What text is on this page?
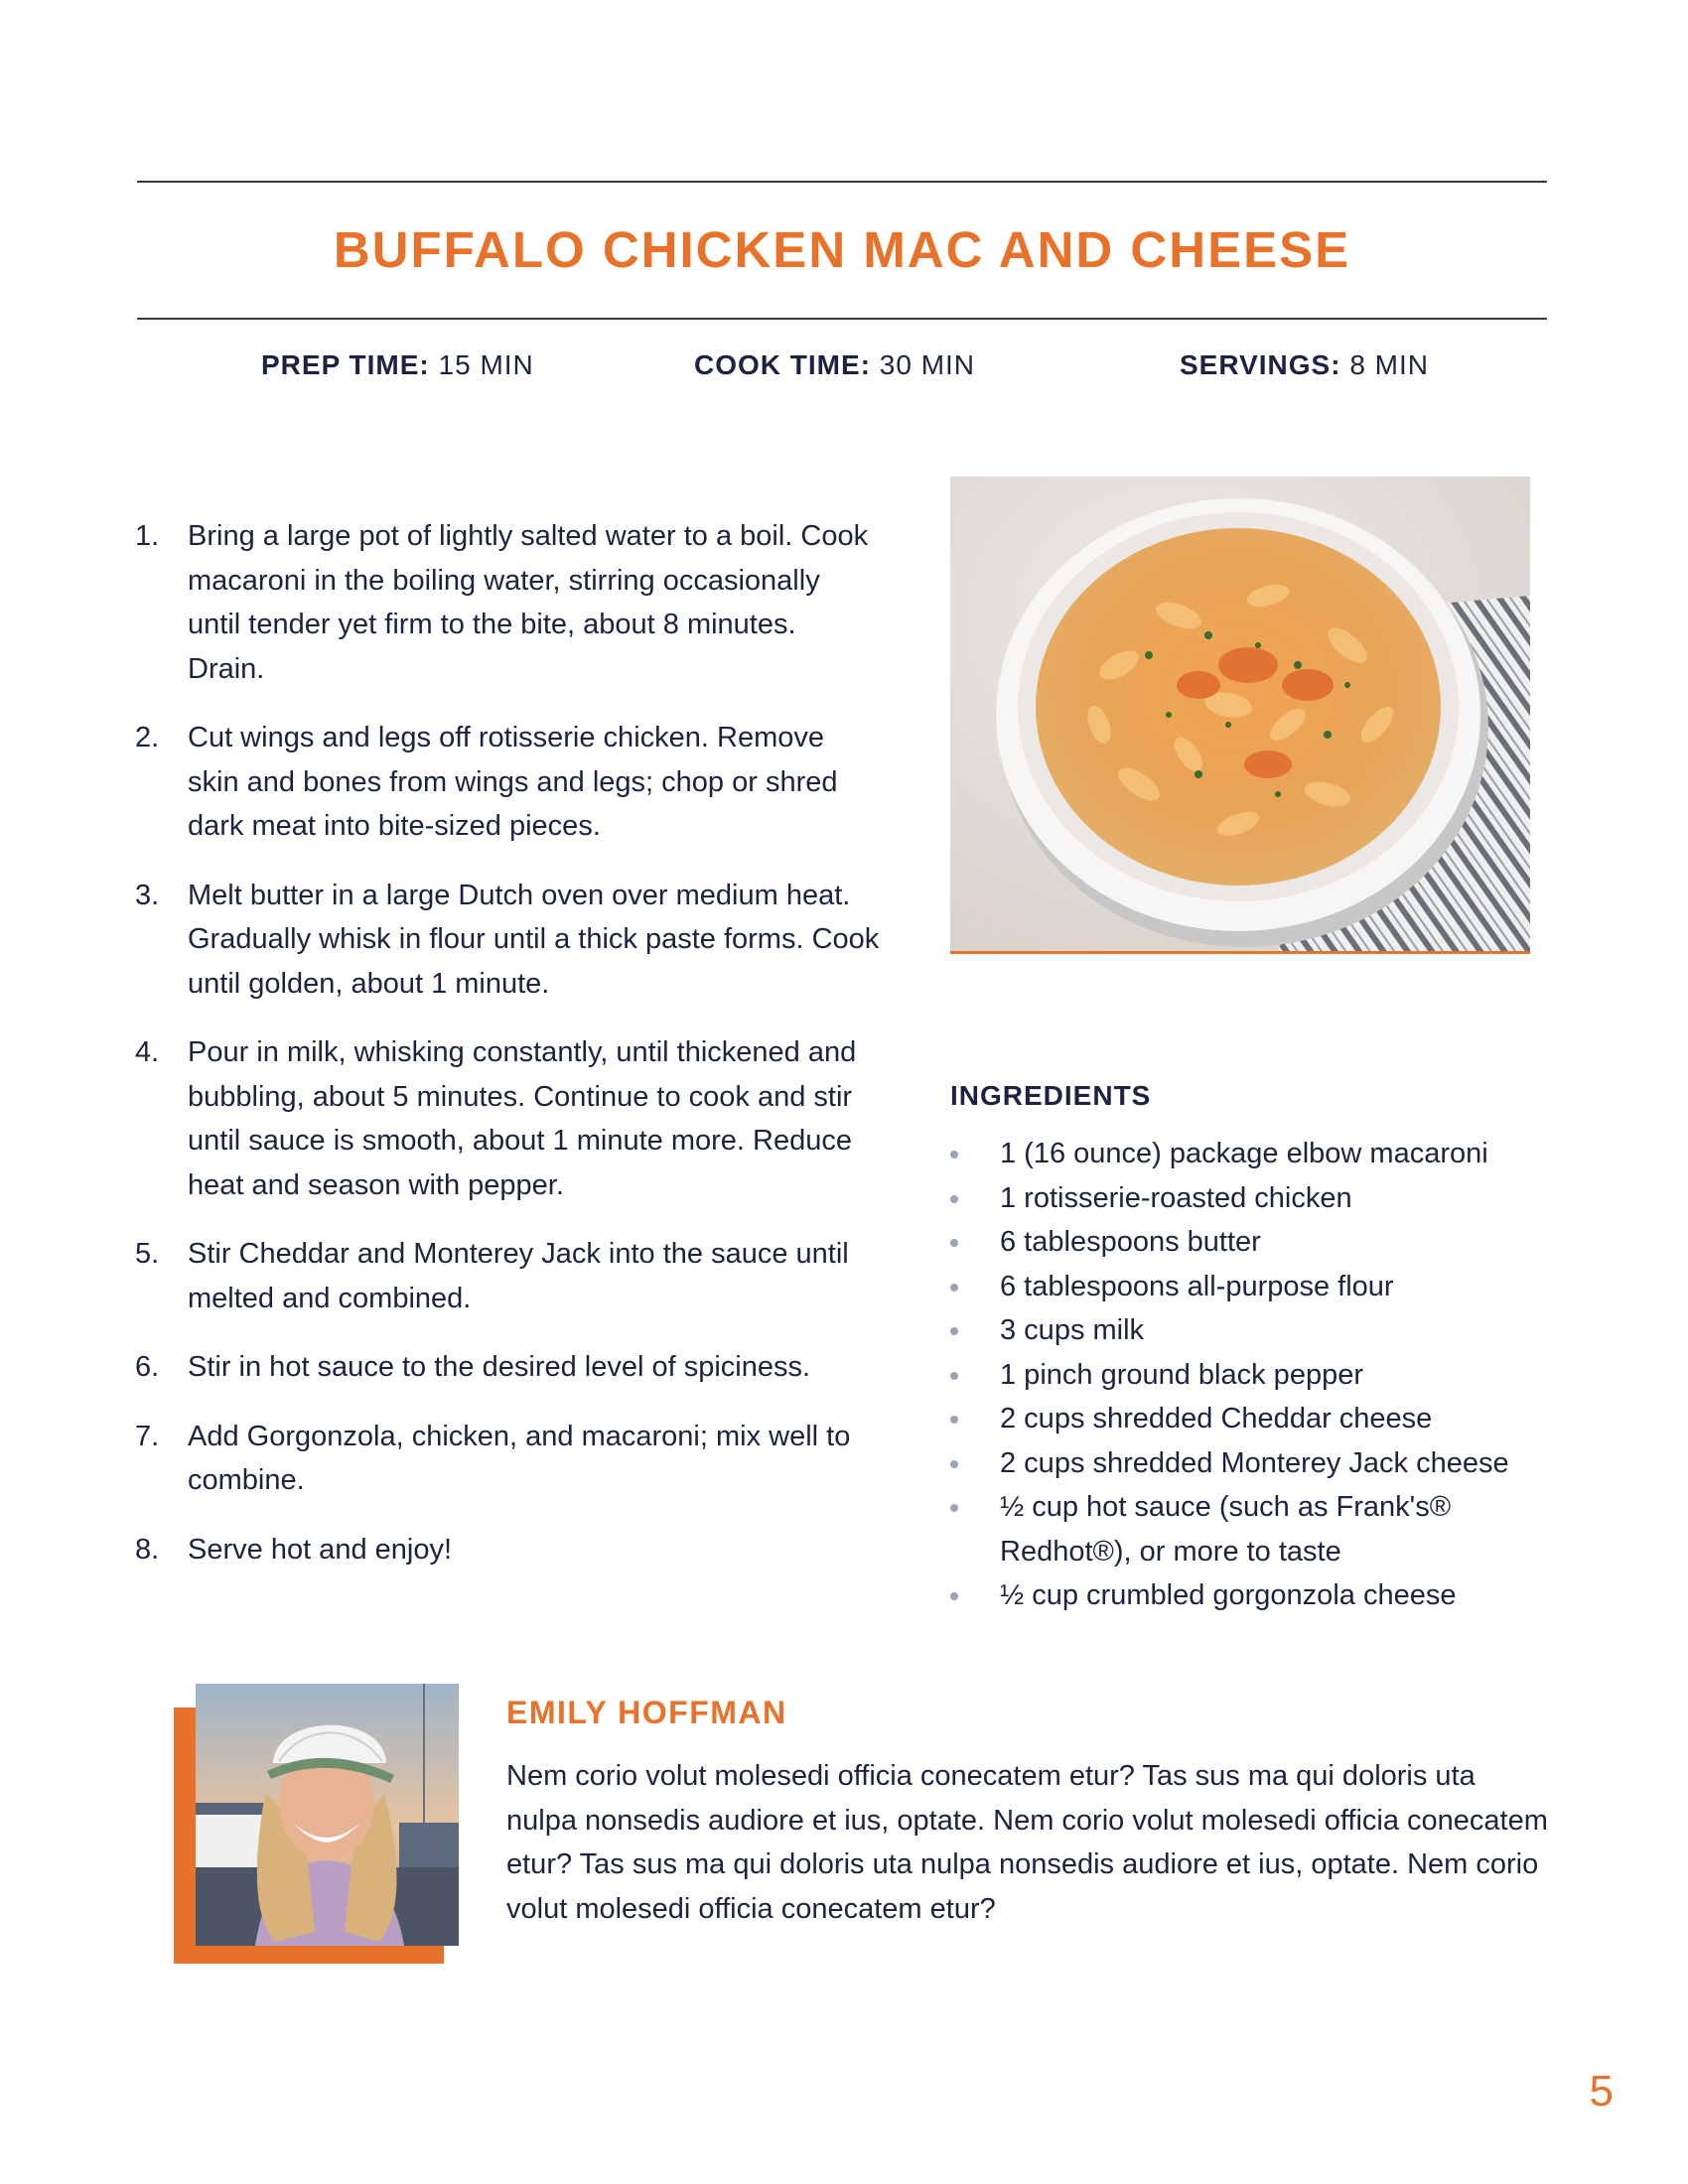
BUFFALO CHICKEN MAC AND CHEESE
PREP TIME: 15 MIN	COOK TIME: 30 MIN	SERVINGS: 8 MIN
1. Bring a large pot of lightly salted water to a boil. Cook macaroni in the boiling water, stirring occasionally until tender yet firm to the bite, about 8 minutes. Drain.
2. Cut wings and legs off rotisserie chicken. Remove skin and bones from wings and legs; chop or shred dark meat into bite-sized pieces.
3. Melt butter in a large Dutch oven over medium heat. Gradually whisk in flour until a thick paste forms. Cook until golden, about 1 minute.
4. Pour in milk, whisking constantly, until thickened and bubbling, about 5 minutes. Continue to cook and stir until sauce is smooth, about 1 minute more. Reduce heat and season with pepper.
5. Stir Cheddar and Monterey Jack into the sauce until melted and combined.
6. Stir in hot sauce to the desired level of spiciness.
7. Add Gorgonzola, chicken, and macaroni; mix well to combine.
8. Serve hot and enjoy!
INGREDIENTS
1 (16 ounce) package elbow macaroni
1 rotisserie-roasted chicken
6 tablespoons butter
6 tablespoons all-purpose flour
3 cups milk
1 pinch ground black pepper
2 cups shredded Cheddar cheese
2 cups shredded Monterey Jack cheese
½ cup hot sauce (such as Frank's® Redhot®), or more to taste
½ cup crumbled gorgonzola cheese
EMILY HOFFMAN
Nem corio volut molesedi officia conecatem etur? Tas sus ma qui doloris uta nulpa nonsedis audiore et ius, optate. Nem corio volut molesedi officia conecatem etur? Tas sus ma qui doloris uta nulpa nonsedis audiore et ius, optate. Nem corio volut molesedi officia conecatem etur?
5
